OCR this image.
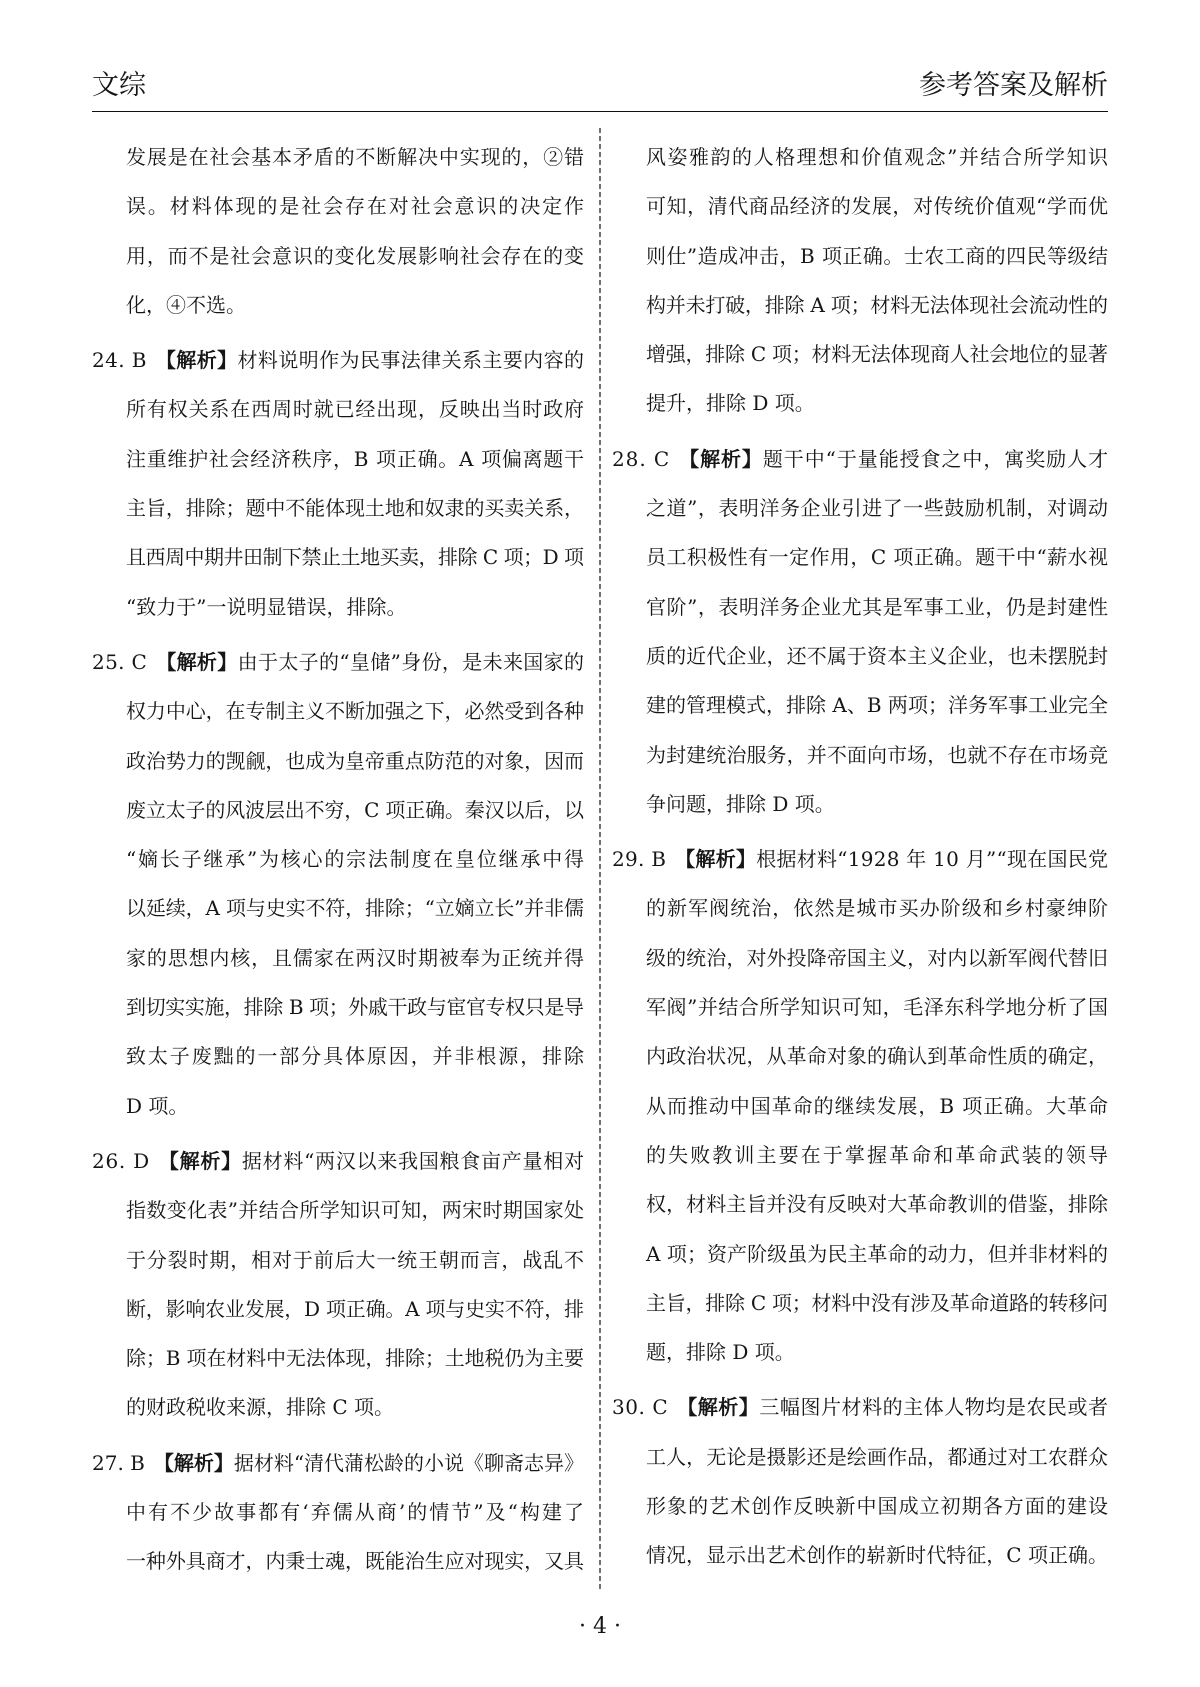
文综	参考答案及解析
发展是在社会基本矛盾的不断解决中实现的，②错
误。材料体现的是社会存在对社会意识的决定作
用，而不是社会意识的变化发展影响社会存在的变
化，④不选。
24. B 【解析】材料说明作为民事法律关系主要内容的
所有权关系在西周时就已经出现，反映出当时政府
注重维护社会经济秩序，B 项正确。A 项偏离题干
主旨，排除；题中不能体现土地和奴隶的买卖关系，
且西周中期井田制下禁止土地买卖，排除 C 项；D 项
“致力于”一说明显错误，排除。
25. C 【解析】由于太子的“皇储”身份，是未来国家的
权力中心，在专制主义不断加强之下，必然受到各种
政治势力的觊觎，也成为皇帝重点防范的对象，因而
废立太子的风波层出不穷，C 项正确。秦汉以后，以
“嫡长子继承”为核心的宗法制度在皇位继承中得
以延续，A 项与史实不符，排除；“立嫡立长”并非儒
家的思想内核，且儒家在两汉时期被奉为正统并得
到切实实施，排除 B 项；外戚干政与宦官专权只是导
致太子废黜的一部分具体原因，并非根源，排除
D 项。
26. D 【解析】据材料“两汉以来我国粮食亩产量相对
指数变化表”并结合所学知识可知，两宋时期国家处
于分裂时期，相对于前后大一统王朝而言，战乱不
断，影响农业发展，D 项正确。A 项与史实不符，排
除；B 项在材料中无法体现，排除；土地税仍为主要
的财政税收来源，排除 C 项。
27. B 【解析】据材料“清代蒲松龄的小说《聊斋志异》
中有不少故事都有‘弃儒从商’的情节”及“构建了
一种外具商才，内秉士魂，既能治生应对现实，又具
风姿雅韵的人格理想和价值观念”并结合所学知识
可知，清代商品经济的发展，对传统价值观“学而优
则仕”造成冲击，B 项正确。士农工商的四民等级结
构并未打破，排除 A 项；材料无法体现社会流动性的
增强，排除 C 项；材料无法体现商人社会地位的显著
提升，排除 D 项。
28. C 【解析】题干中“于量能授食之中，寓奖励人才
之道”，表明洋务企业引进了一些鼓励机制，对调动
员工积极性有一定作用，C 项正确。题干中“薪水视
官阶”，表明洋务企业尤其是军事工业，仍是封建性
质的近代企业，还不属于资本主义企业，也未摆脱封
建的管理模式，排除 A、B 两项；洋务军事工业完全
为封建统治服务，并不面向市场，也就不存在市场竞
争问题，排除 D 项。
29. B 【解析】根据材料“1928 年 10 月”“现在国民党
的新军阀统治，依然是城市买办阶级和乡村豪绅阶
级的统治，对外投降帝国主义，对内以新军阀代替旧
军阀”并结合所学知识可知，毛泽东科学地分析了国
内政治状况，从革命对象的确认到革命性质的确定，
从而推动中国革命的继续发展，B 项正确。大革命
的失败教训主要在于掌握革命和革命武装的领导
权，材料主旨并没有反映对大革命教训的借鉴，排除
A 项；资产阶级虽为民主革命的动力，但并非材料的
主旨，排除 C 项；材料中没有涉及革命道路的转移问
题，排除 D 项。
30. C 【解析】三幅图片材料的主体人物均是农民或者
工人，无论是摄影还是绘画作品，都通过对工农群众
形象的艺术创作反映新中国成立初期各方面的建设
情况，显示出艺术创作的崭新时代特征，C 项正确。
· 4 ·
